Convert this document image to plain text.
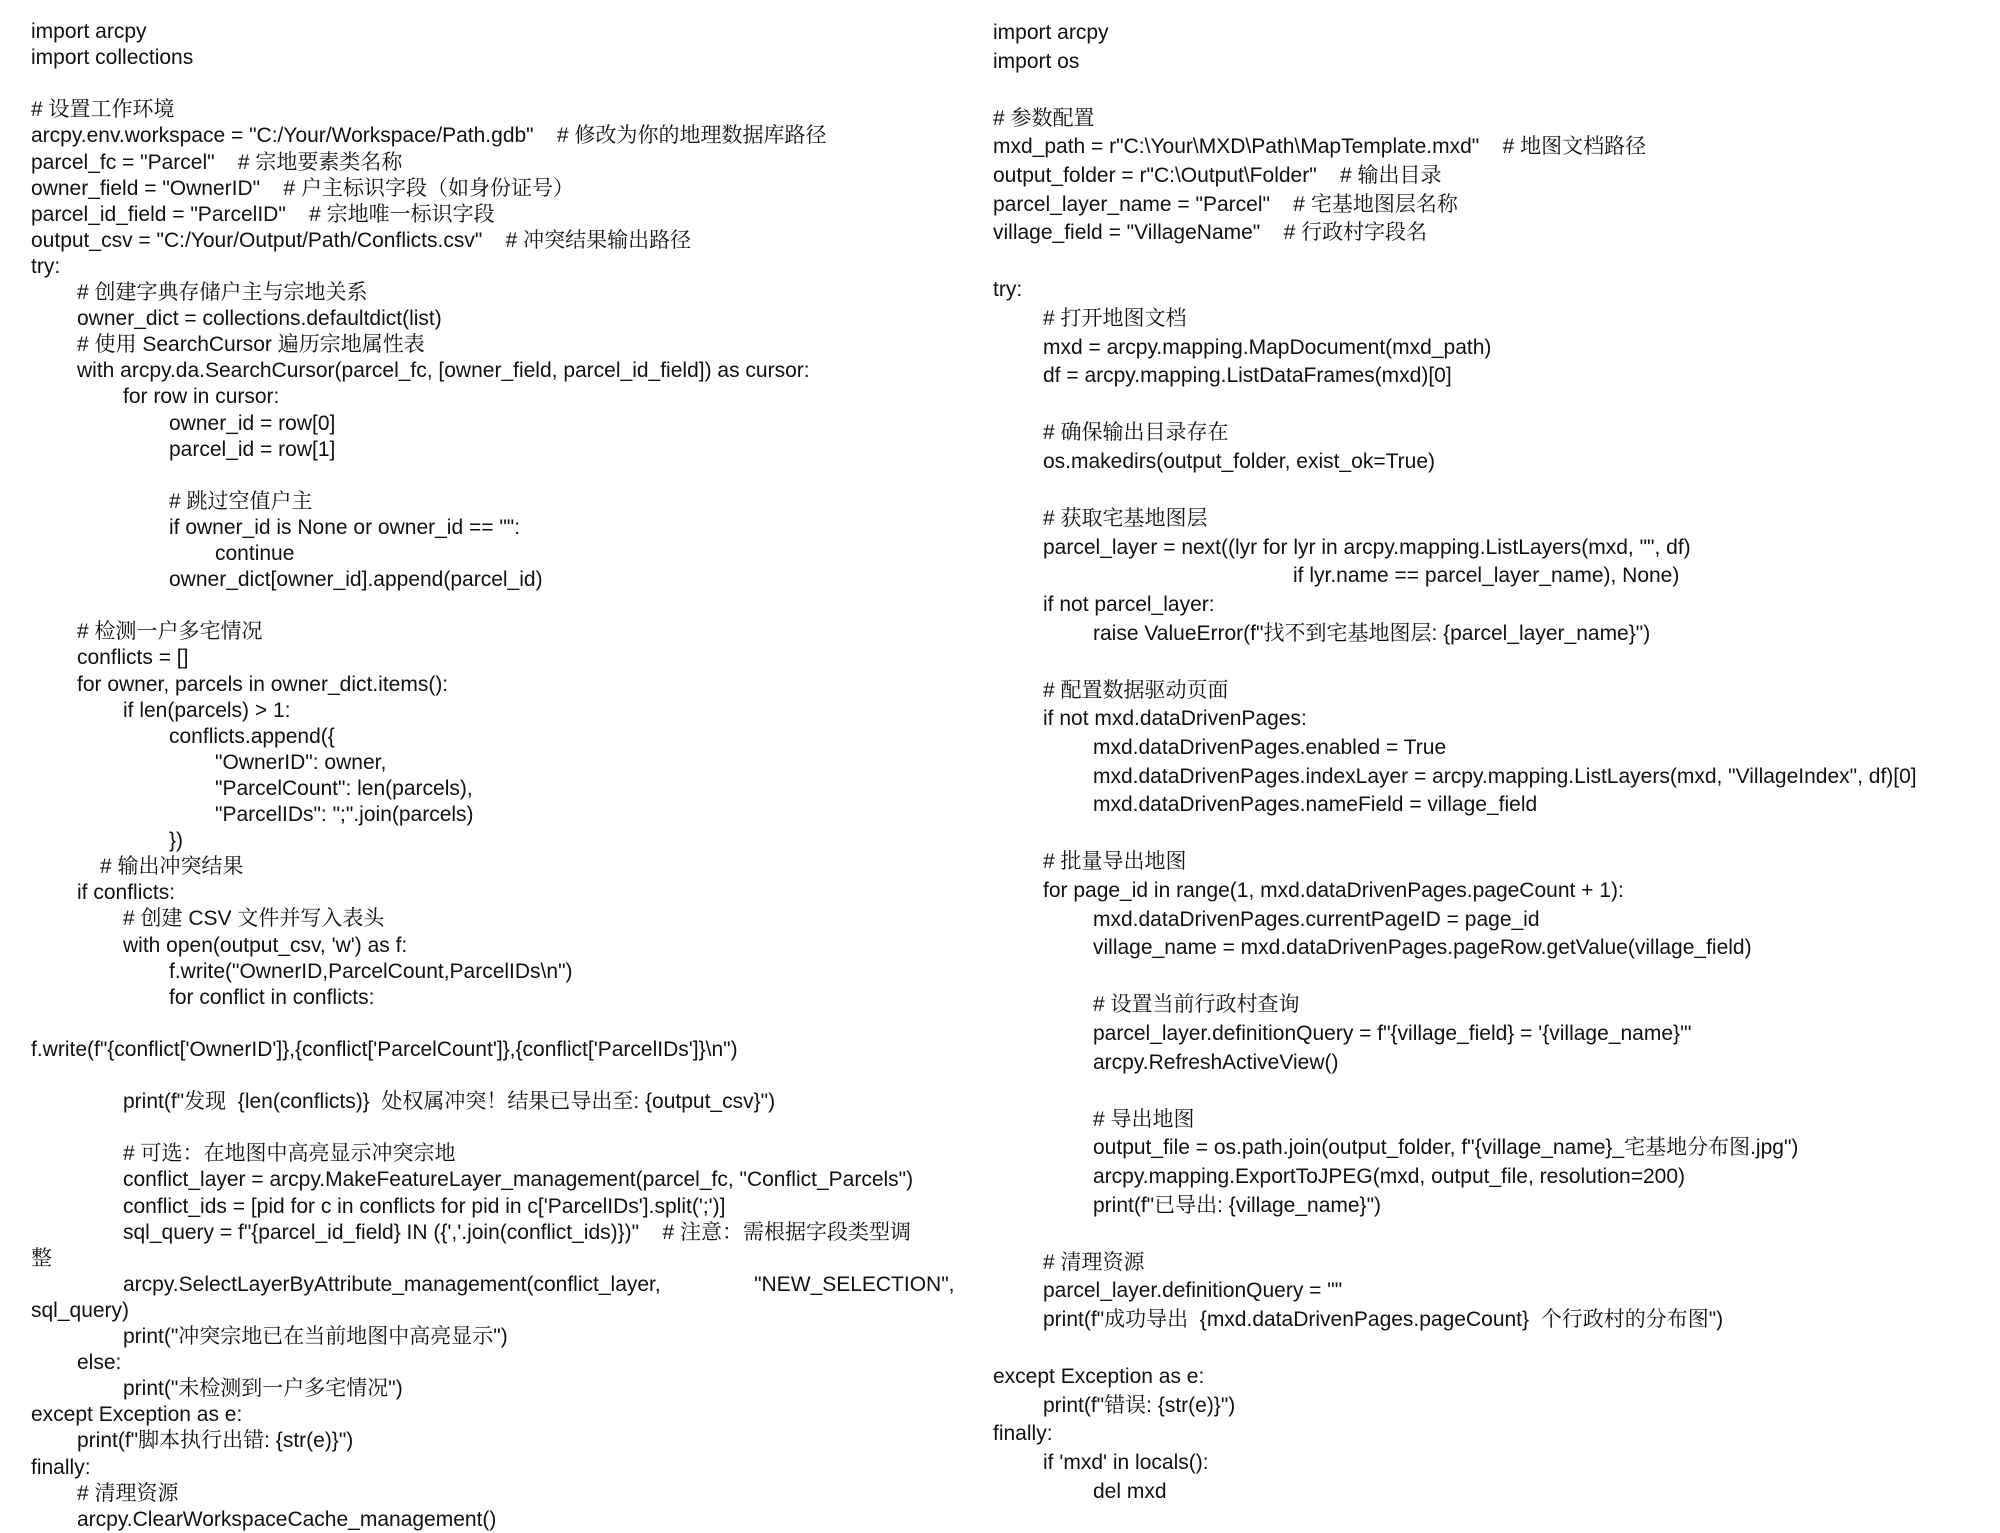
import arcpy
import collections
# 设置工作环境
arcpy.env.workspace = "C:/Your/Workspace/Path.gdb"    # 修改为你的地理数据库路径
parcel_fc = "Parcel"    # 宗地要素类名称
owner_field = "OwnerID"    # 户主标识字段（如身份证号）
parcel_id_field = "ParcelID"    # 宗地唯一标识字段
output_csv = "C:/Your/Output/Path/Conflicts.csv"    # 冲突结果输出路径
try:
# 创建字典存储户主与宗地关系
owner_dict = collections.defaultdict(list)
# 使用 SearchCursor 遍历宗地属性表
with arcpy.da.SearchCursor(parcel_fc, [owner_field, parcel_id_field]) as cursor:
for row in cursor:
owner_id = row[0]
parcel_id = row[1]
# 跳过空值户主
if owner_id is None or owner_id == "":
continue
owner_dict[owner_id].append(parcel_id)
# 检测一户多宅情况
conflicts = []
for owner, parcels in owner_dict.items():
if len(parcels) > 1:
conflicts.append({
"OwnerID": owner,
"ParcelCount": len(parcels),
"ParcelIDs": ";".join(parcels)
})
# 输出冲突结果
if conflicts:
# 创建 CSV 文件并写入表头
with open(output_csv, 'w') as f:
f.write("OwnerID,ParcelCount,ParcelIDs\n")
for conflict in conflicts:
f.write(f"{conflict['OwnerID']},{conflict['ParcelCount']},{conflict['ParcelIDs']}\n")
print(f"发现  {len(conflicts)}  处权属冲突！结果已导出至: {output_csv}")
# 可选：在地图中高亮显示冲突宗地
conflict_layer = arcpy.MakeFeatureLayer_management(parcel_fc, "Conflict_Parcels")
conflict_ids = [pid for c in conflicts for pid in c['ParcelIDs'].split(';')]
sql_query = f"{parcel_id_field} IN ({','.join(conflict_ids)})"    # 注意：需根据字段类型调
整
arcpy.SelectLayerByAttribute_management(conflict_layer,                "NEW_SELECTION",
sql_query)
print("冲突宗地已在当前地图中高亮显示")
else:
print("未检测到一户多宅情况")
except Exception as e:
print(f"脚本执行出错: {str(e)}")
finally:
# 清理资源
arcpy.ClearWorkspaceCache_management()
import arcpy
import os
# 参数配置
mxd_path = r"C:\Your\MXD\Path\MapTemplate.mxd"    # 地图文档路径
output_folder = r"C:\Output\Folder"    # 输出目录
parcel_layer_name = "Parcel"    # 宅基地图层名称
village_field = "VillageName"    # 行政村字段名
try:
# 打开地图文档
mxd = arcpy.mapping.MapDocument(mxd_path)
df = arcpy.mapping.ListDataFrames(mxd)[0]
# 确保输出目录存在
os.makedirs(output_folder, exist_ok=True)
# 获取宅基地图层
parcel_layer = next((lyr for lyr in arcpy.mapping.ListLayers(mxd, "", df)
if lyr.name == parcel_layer_name), None)
if not parcel_layer:
raise ValueError(f"找不到宅基地图层: {parcel_layer_name}")
# 配置数据驱动页面
if not mxd.dataDrivenPages:
mxd.dataDrivenPages.enabled = True
mxd.dataDrivenPages.indexLayer = arcpy.mapping.ListLayers(mxd, "VillageIndex", df)[0]
mxd.dataDrivenPages.nameField = village_field
# 批量导出地图
for page_id in range(1, mxd.dataDrivenPages.pageCount + 1):
mxd.dataDrivenPages.currentPageID = page_id
village_name = mxd.dataDrivenPages.pageRow.getValue(village_field)
# 设置当前行政村查询
parcel_layer.definitionQuery = f"{village_field} = '{village_name}'"
arcpy.RefreshActiveView()
# 导出地图
output_file = os.path.join(output_folder, f"{village_name}_宅基地分布图.jpg")
arcpy.mapping.ExportToJPEG(mxd, output_file, resolution=200)
print(f"已导出: {village_name}")
# 清理资源
parcel_layer.definitionQuery = ""
print(f"成功导出  {mxd.dataDrivenPages.pageCount}  个行政村的分布图")
except Exception as e:
print(f"错误: {str(e)}")
finally:
if 'mxd' in locals():
del mxd
